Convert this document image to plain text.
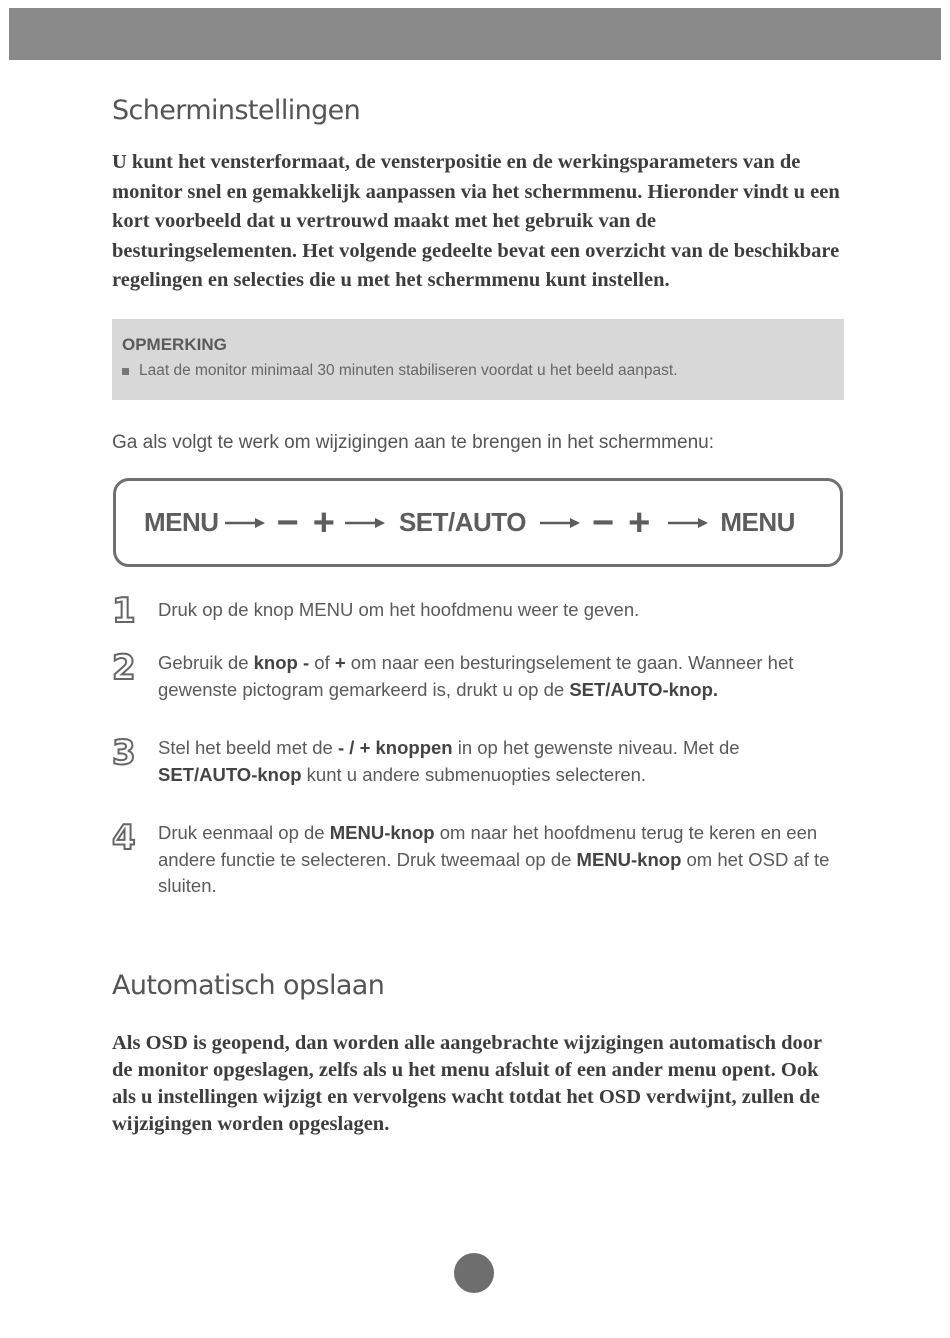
Scherminstellingen

U kunt het vensterformaat, de vensterpositie en de werkingsparameters van de monitor snel en gemakkelijk aanpassen via het schermmenu. Hieronder vindt u een kort voorbeeld dat u vertrouwd maakt met het gebruik van de besturingselementen. Het volgende gedeelte bevat een overzicht van de beschikbare regelingen en selecties die u met het schermmenu kunt instellen.

OPMERKING
Laat de monitor minimaal 30 minuten stabiliseren voordat u het beeld aanpast.

Ga als volgt te werk om wijzigingen aan te brengen in het schermmenu:

MENU − + SET/AUTO − +	MENU
1	Druk op de knop MENU om het hoofdmenu weer te geven.

2	Gebruik de knop - of + om naar een besturingselement te gaan. Wanneer het gewenste pictogram gemarkeerd is, drukt u op de SET/AUTO-knop.

3	Stel het beeld met de - / + knoppen in op het gewenste niveau. Met de SET/AUTO-knop kunt u andere submenuopties selecteren.

4	Druk eenmaal op de MENU-knop om naar het hoofdmenu terug te keren en een andere functie te selecteren. Druk tweemaal op de MENU-knop om het OSD af te sluiten.

Automatisch opslaan

Als OSD is geopend, dan worden alle aangebrachte wijzigingen automatisch door de monitor opgeslagen, zelfs als u het menu afsluit of een ander menu opent. Ook als u instellingen wijzigt en vervolgens wacht totdat het OSD verdwijnt, zullen de wijzigingen worden opgeslagen.
